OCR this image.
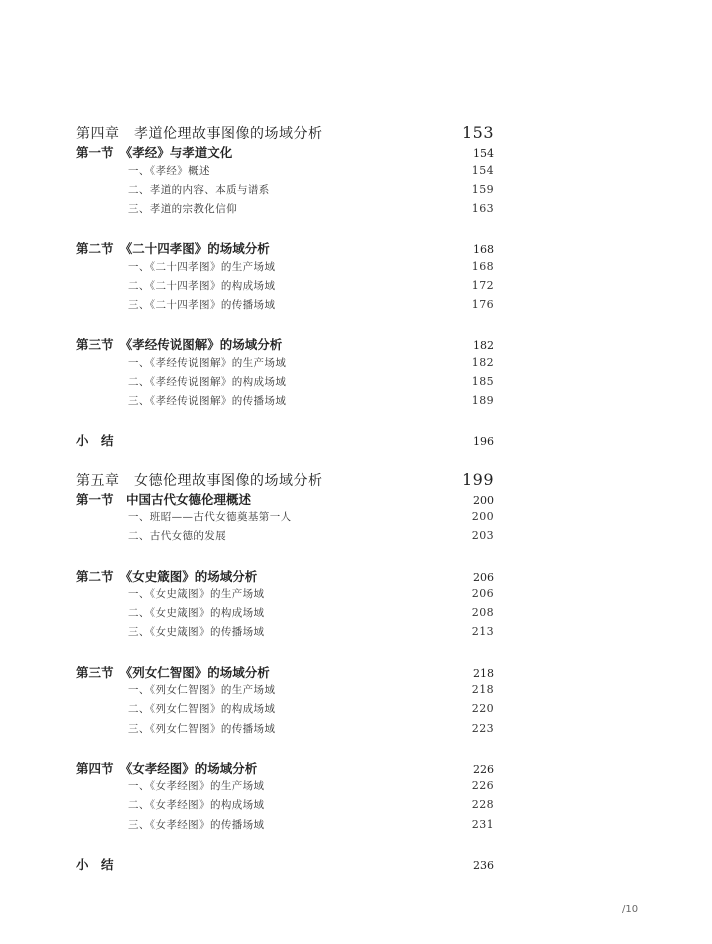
第四章　孝道伦理故事图像的场域分析	153
第一节　《孝经》与孝道文化	154
一、《孝经》概述	154
二、孝道的内容、本质与谱系	159
三、孝道的宗教化信仰	163
第二节　《二十四孝图》的场域分析	168
一、《二十四孝图》的生产场域	168
二、《二十四孝图》的构成场域	172
三、《二十四孝图》的传播场域	176
第三节　《孝经传说图解》的场域分析	182
一、《孝经传说图解》的生产场域	182
二、《孝经传说图解》的构成场域	185
三、《孝经传说图解》的传播场域	189
小　结	196
第五章　女德伦理故事图像的场域分析	199
第一节　中国古代女德伦理概述	200
一、班昭——古代女德奠基第一人	200
二、古代女德的发展	203
第二节　《女史箴图》的场域分析	206
一、《女史箴图》的生产场域	206
二、《女史箴图》的构成场域	208
三、《女史箴图》的传播场域	213
第三节　《列女仁智图》的场域分析	218
一、《列女仁智图》的生产场域	218
二、《列女仁智图》的构成场域	220
三、《列女仁智图》的传播场域	223
第四节　《女孝经图》的场域分析	226
一、《女孝经图》的生产场域	226
二、《女孝经图》的构成场域	228
三、《女孝经图》的传播场域	231
小　结	236
/10
